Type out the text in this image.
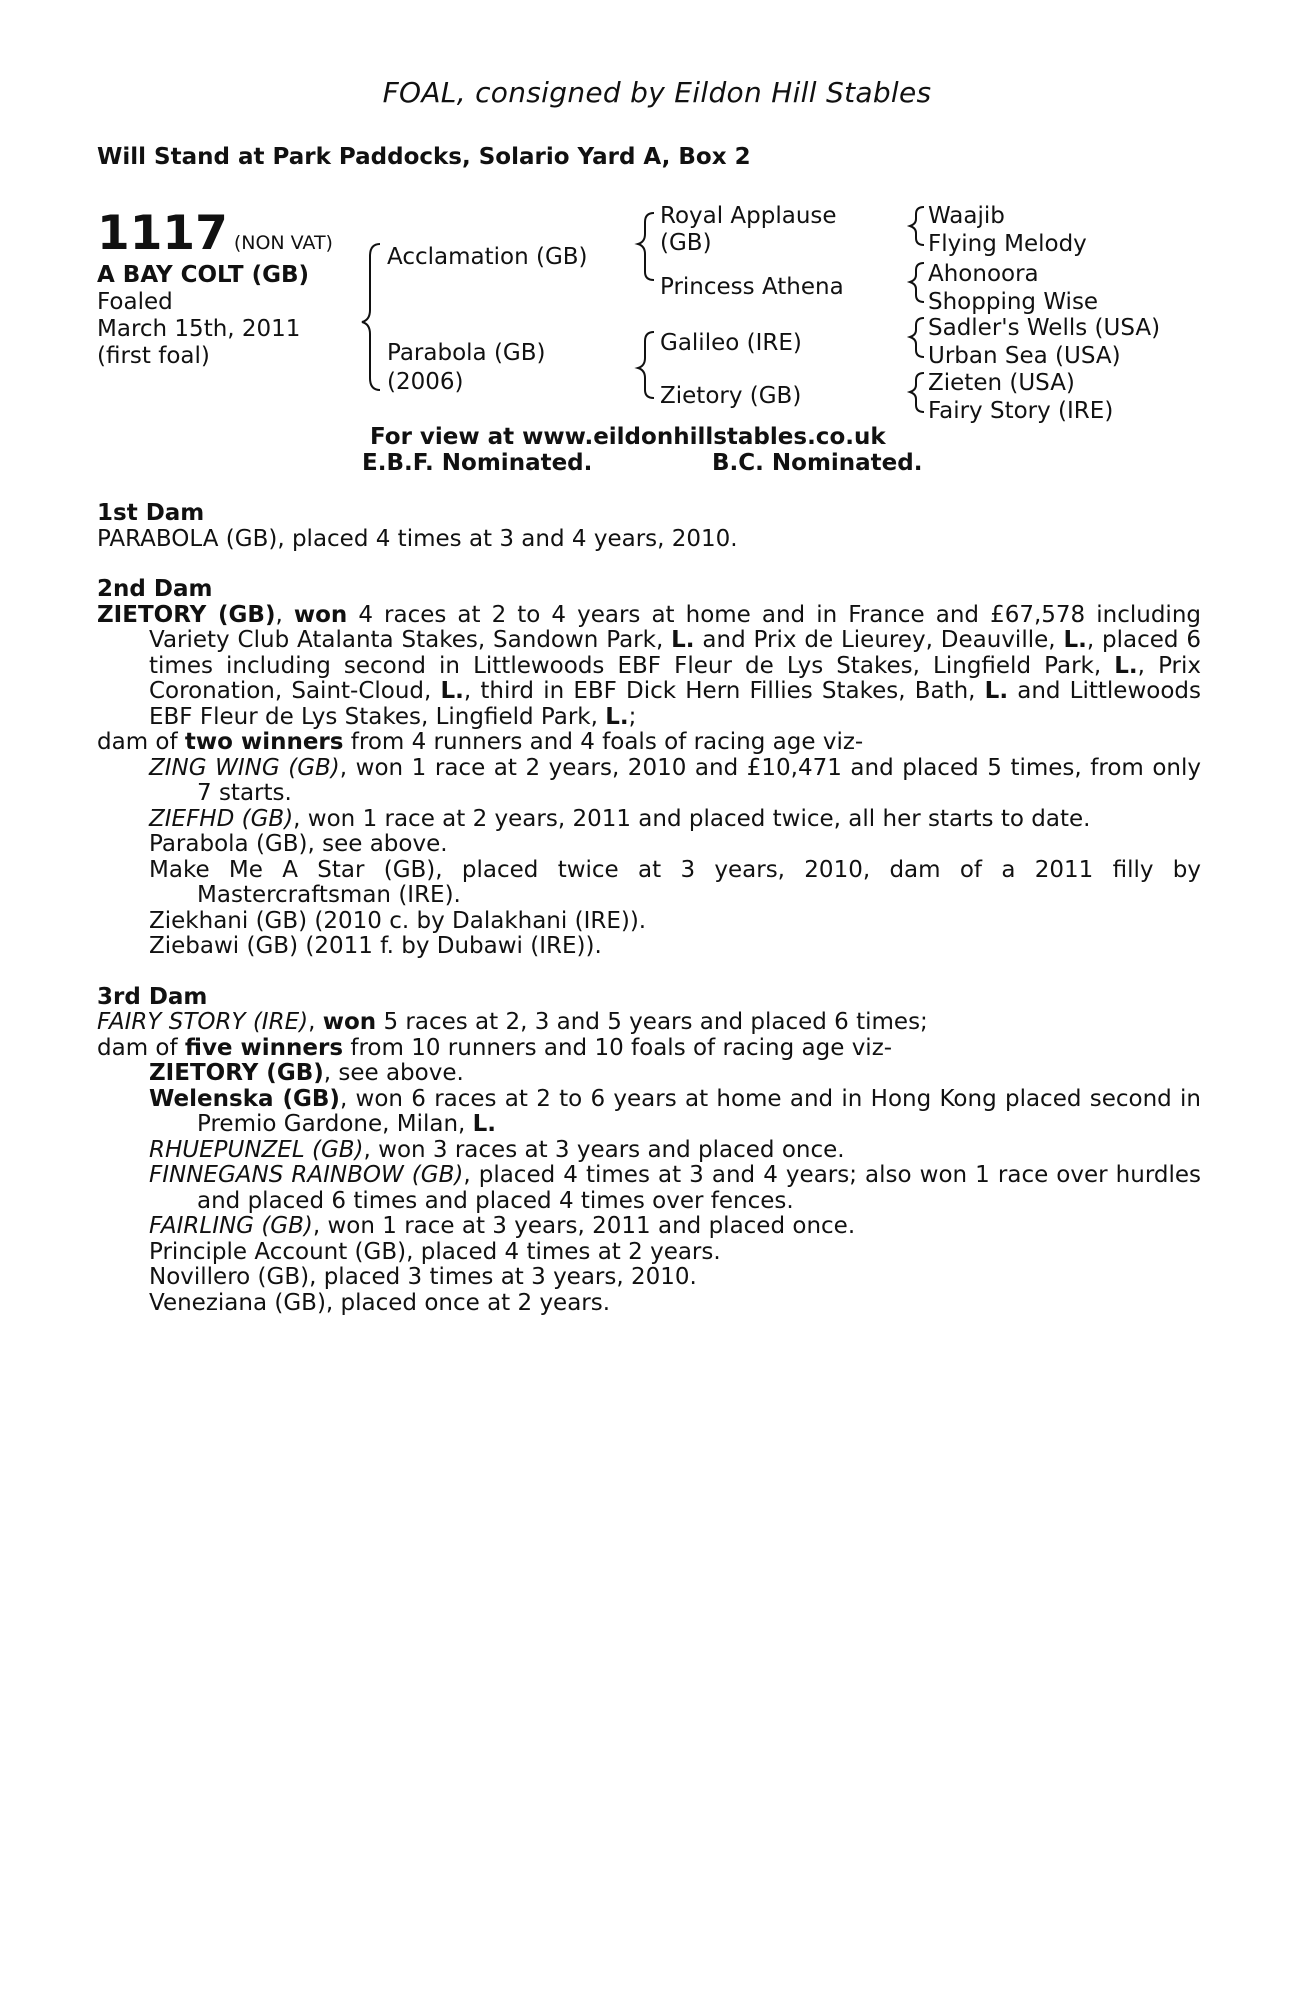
FOAL, consigned by Eildon Hill Stables
Will Stand at Park Paddocks, Solario Yard A, Box 2
1117 (NON VAT)
A BAY COLT (GB)
Foaled
March 15th, 2011
(first foal)
Acclamation (GB)
Parabola (GB)
(2006)
Royal Applause
(GB)
Princess Athena
Galileo (IRE)
Zietory (GB)
Waajib
Flying Melody
Ahonoora
Shopping Wise
Sadler's Wells (USA)
Urban Sea (USA)
Zieten (USA)
Fairy Story (IRE)
For view at www.eildonhillstables.co.uk
E.B.F. Nominated.	B.C. Nominated.

1st Dam

PARABOLA (GB), placed 4 times at 3 and 4 years, 2010.

2nd Dam

ZIETORY (GB), won 4 races at 2 to 4 years at home and in France and £67,578 including Variety Club Atalanta Stakes, Sandown Park, L. and Prix de Lieurey, Deauville, L., placed 6 times including second in Littlewoods EBF Fleur de Lys Stakes, Lingfield Park, L., Prix Coronation, Saint-Cloud, L., third in EBF Dick Hern Fillies Stakes, Bath, L. and Littlewoods EBF Fleur de Lys Stakes, Lingfield Park, L.;

dam of two winners from 4 runners and 4 foals of racing age viz-

ZING WING (GB), won 1 race at 2 years, 2010 and £10,471 and placed 5 times, from only 7 starts.

ZIEFHD (GB), won 1 race at 2 years, 2011 and placed twice, all her starts to date.

Parabola (GB), see above.

Make Me A Star (GB), placed twice at 3 years, 2010, dam of a 2011 filly by Mastercraftsman (IRE).

Ziekhani (GB) (2010 c. by Dalakhani (IRE)).

Ziebawi (GB) (2011 f. by Dubawi (IRE)).

3rd Dam

FAIRY STORY (IRE), won 5 races at 2, 3 and 5 years and placed 6 times;

dam of five winners from 10 runners and 10 foals of racing age viz-

ZIETORY (GB), see above.

Welenska (GB), won 6 races at 2 to 6 years at home and in Hong Kong placed second in Premio Gardone, Milan, L.

RHUEPUNZEL (GB), won 3 races at 3 years and placed once.

FINNEGANS RAINBOW (GB), placed 4 times at 3 and 4 years; also won 1 race over hurdles and placed 6 times and placed 4 times over fences.

FAIRLING (GB), won 1 race at 3 years, 2011 and placed once.

Principle Account (GB), placed 4 times at 2 years.

Novillero (GB), placed 3 times at 3 years, 2010.

Veneziana (GB), placed once at 2 years.
